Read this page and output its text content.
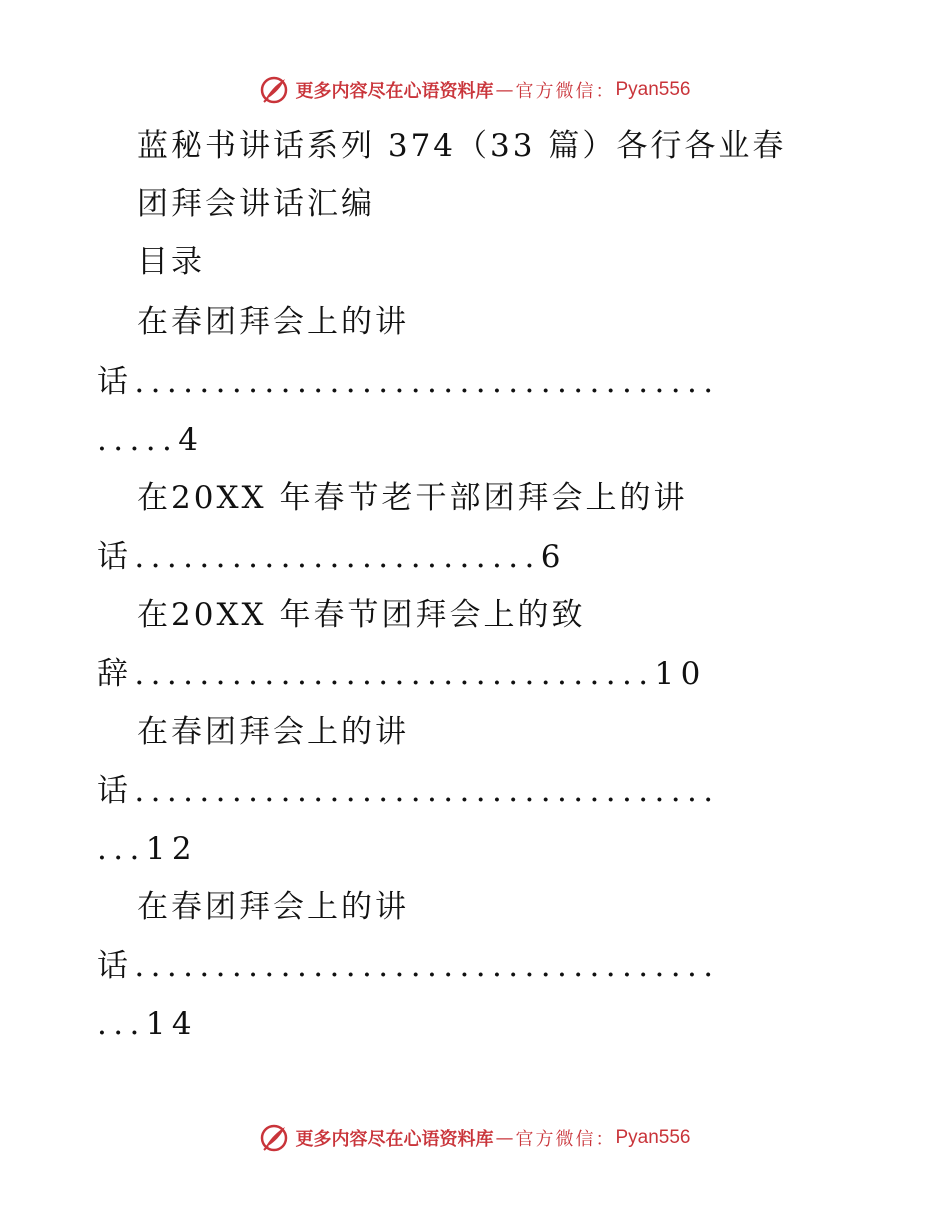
更多内容尽在心语资料库 — 官方微信： Pyan556
蓝秘书讲话系列 374（33 篇）各行各业春
团拜会讲话汇编
目录
在春团拜会上的讲
话....................................
.....4
在20XX 年春节老干部团拜会上的讲
话.........................6
在20XX 年春节团拜会上的致
辞................................10
在春团拜会上的讲
话....................................
...12
在春团拜会上的讲
话....................................
...14
更多内容尽在心语资料库 — 官方微信： Pyan556
